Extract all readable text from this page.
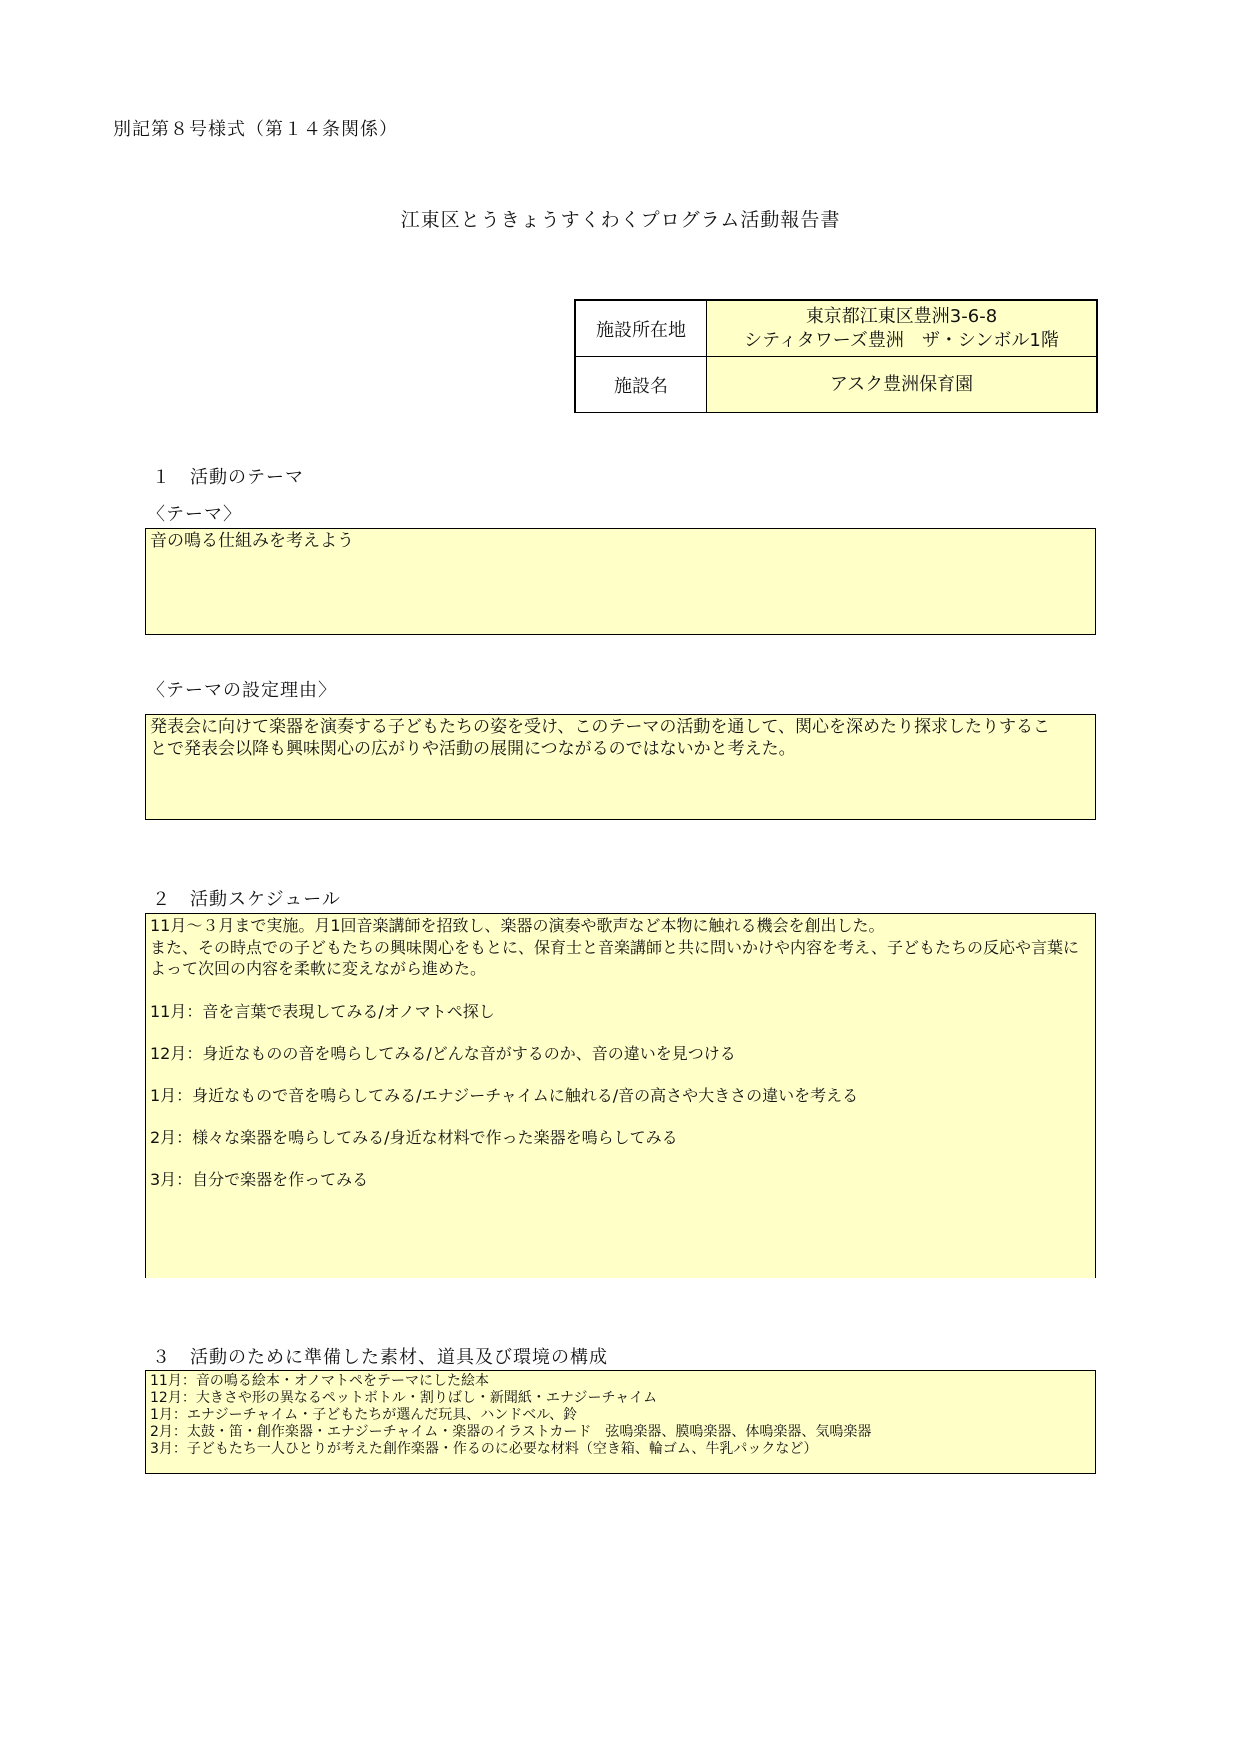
別記第８号様式（第１４条関係）
江東区とうきょうすくわくプログラム活動報告書
施設所在地	東京都江東区豊洲3-6-8
シティタワーズ豊洲　ザ・シンボル1階

施設名	アスク豊洲保育園
１　活動のテーマ
〈テーマ〉
音の鳴る仕組みを考えよう
〈テーマの設定理由〉
発表会に向けて楽器を演奏する子どもたちの姿を受け、このテーマの活動を通して、関心を深めたり探求したりすることで発表会以降も興味関心の広がりや活動の展開につながるのではないかと考えた。
２　活動スケジュール
11月～３月まで実施。月1回音楽講師を招致し、楽器の演奏や歌声など本物に触れる機会を創出した。
また、その時点での子どもたちの興味関心をもとに、保育士と音楽講師と共に問いかけや内容を考え、子どもたちの反応や言葉によって次回の内容を柔軟に変えながら進めた。
11月：音を言葉で表現してみる/オノマトペ探し
12月：身近なものの音を鳴らしてみる/どんな音がするのか、音の違いを見つける
1月：身近なもので音を鳴らしてみる/エナジーチャイムに触れる/音の高さや大きさの違いを考える
2月：様々な楽器を鳴らしてみる/身近な材料で作った楽器を鳴らしてみる
3月：自分で楽器を作ってみる
３　活動のために準備した素材、道具及び環境の構成
11月：音の鳴る絵本・オノマトペをテーマにした絵本
12月：大きさや形の異なるペットボトル・割りばし・新聞紙・エナジーチャイム
1月：エナジーチャイム・子どもたちが選んだ玩具、ハンドベル、鈴
2月：太鼓・笛・創作楽器・エナジーチャイム・楽器のイラストカード　弦鳴楽器、膜鳴楽器、体鳴楽器、気鳴楽器
3月：子どもたち一人ひとりが考えた創作楽器・作るのに必要な材料（空き箱、輪ゴム、牛乳パックなど）
